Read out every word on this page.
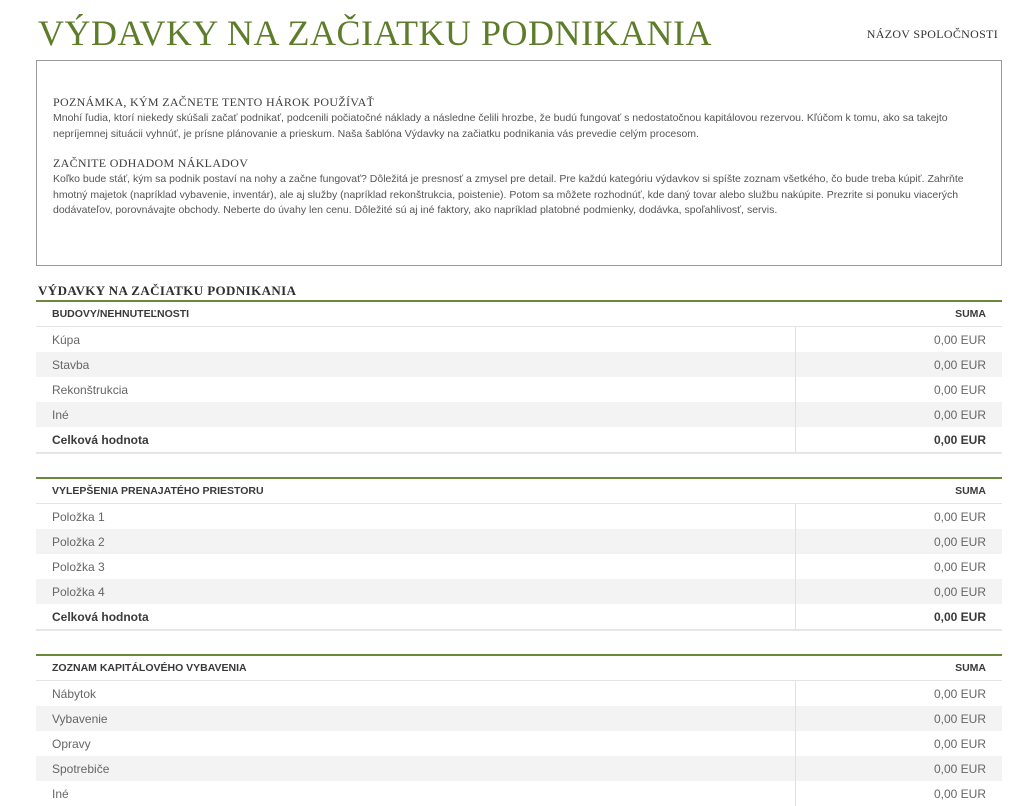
VÝDAVKY NA ZAČIATKU PODNIKANIA	NÁZOV SPOLOČNOSTI
POZNÁMKA, KÝM ZAČNETE TENTO HÁROK POUŽÍVAŤ
Mnohí ľudia, ktorí niekedy skúšali začať podnikať, podcenili počiatočné náklady a následne čelili hrozbe, že budú fungovať s nedostatočnou kapitálovou rezervou. Kľúčom k tomu, ako sa takejto nepríjemnej situácii vyhnúť, je prísne plánovanie a prieskum. Naša šablóna Výdavky na začiatku podnikania vás prevedie celým procesom.
ZAČNITE ODHADOM NÁKLADOV
Koľko bude stáť, kým sa podnik postaví na nohy a začne fungovať? Dôležitá je presnosť a zmysel pre detail. Pre každú kategóriu výdavkov si spíšte zoznam všetkého, čo bude treba kúpiť. Zahrňte hmotný majetok (napríklad vybavenie, inventár), ale aj služby (napríklad rekonštrukcia, poistenie). Potom sa môžete rozhodnúť, kde daný tovar alebo službu nakúpite. Prezrite si ponuku viacerých dodávateľov, porovnávajte obchody. Neberte do úvahy len cenu. Dôležité sú aj iné faktory, ako napríklad platobné podmienky, dodávka, spoľahlivosť, servis.
VÝDAVKY NA ZAČIATKU PODNIKANIA
BUDOVY/NEHNUTEĽNOSTI	SUMA
Kúpa	0,00 EUR
Stavba	0,00 EUR
Rekonštrukcia	0,00 EUR
Iné	0,00 EUR
Celková hodnota	0,00 EUR
VYLEPŠENIA PRENAJATÉHO PRIESTORU	SUMA
Položka 1	0,00 EUR
Položka 2	0,00 EUR
Položka 3	0,00 EUR
Položka 4	0,00 EUR
Celková hodnota	0,00 EUR
ZOZNAM KAPITÁLOVÉHO VYBAVENIA	SUMA
Nábytok	0,00 EUR
Vybavenie	0,00 EUR
Opravy	0,00 EUR
Spotrebiče	0,00 EUR
Iné	0,00 EUR
